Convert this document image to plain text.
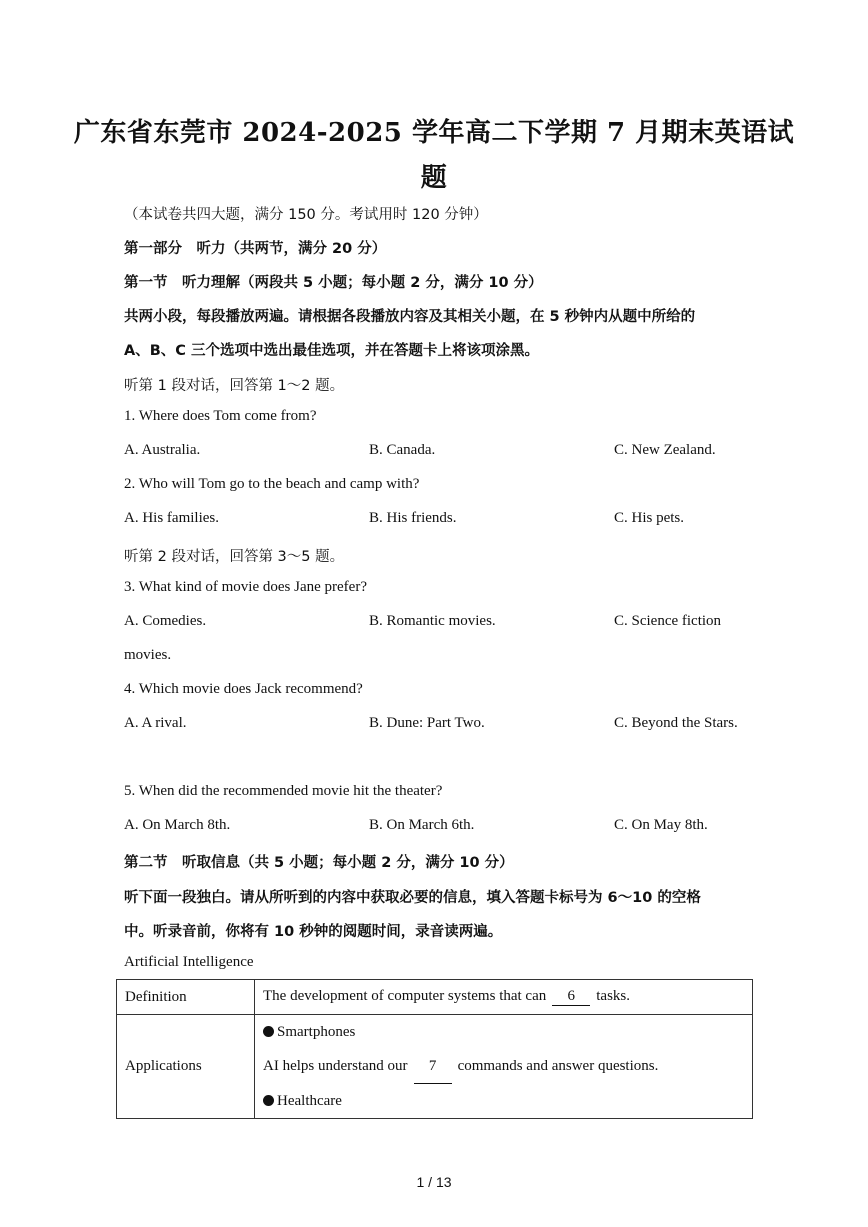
广东省东莞市 2024-2025 学年高二下学期 7 月期末英语试
题
（本试卷共四大题，满分 150 分。考试用时 120 分钟）
第一部分　听力（共两节，满分 20 分）
第一节　听力理解（两段共 5 小题；每小题 2 分，满分 10 分）
共两小段，每段播放两遍。请根据各段播放内容及其相关小题，在 5 秒钟内从题中所给的
A、B、C 三个选项中选出最佳选项，并在答题卡上将该项涂黑。
听第 1 段对话，回答第 1～2 题。
1. Where does Tom come from?
A. Australia.	B. Canada.	C. New Zealand.
2. Who will Tom go to the beach and camp with?
A. His families.	B. His friends.	C. His pets.
听第 2 段对话，回答第 3～5 题。
3. What kind of movie does Jane prefer?
A. Comedies.	B. Romantic movies.	C. Science fiction
movies.
4. Which movie does Jack recommend?
A. A rival.	B. Dune: Part Two.	C. Beyond the Stars.
5. When did the recommended movie hit the theater?
A. On March 8th.	B. On March 6th.	C. On May 8th.
第二节　听取信息（共 5 小题；每小题 2 分，满分 10 分）
听下面一段独白。请从所听到的内容中获取必要的信息，填入答题卡标号为 6～10 的空格
中。听录音前，你将有 10 秒钟的阅题时间，录音读两遍。
Artificial Intelligence
Definition	The development of computer systems that can 6 tasks.
Applications	Smartphones
AI helps understand our 7 commands and answer questions.
Healthcare
1 / 13
